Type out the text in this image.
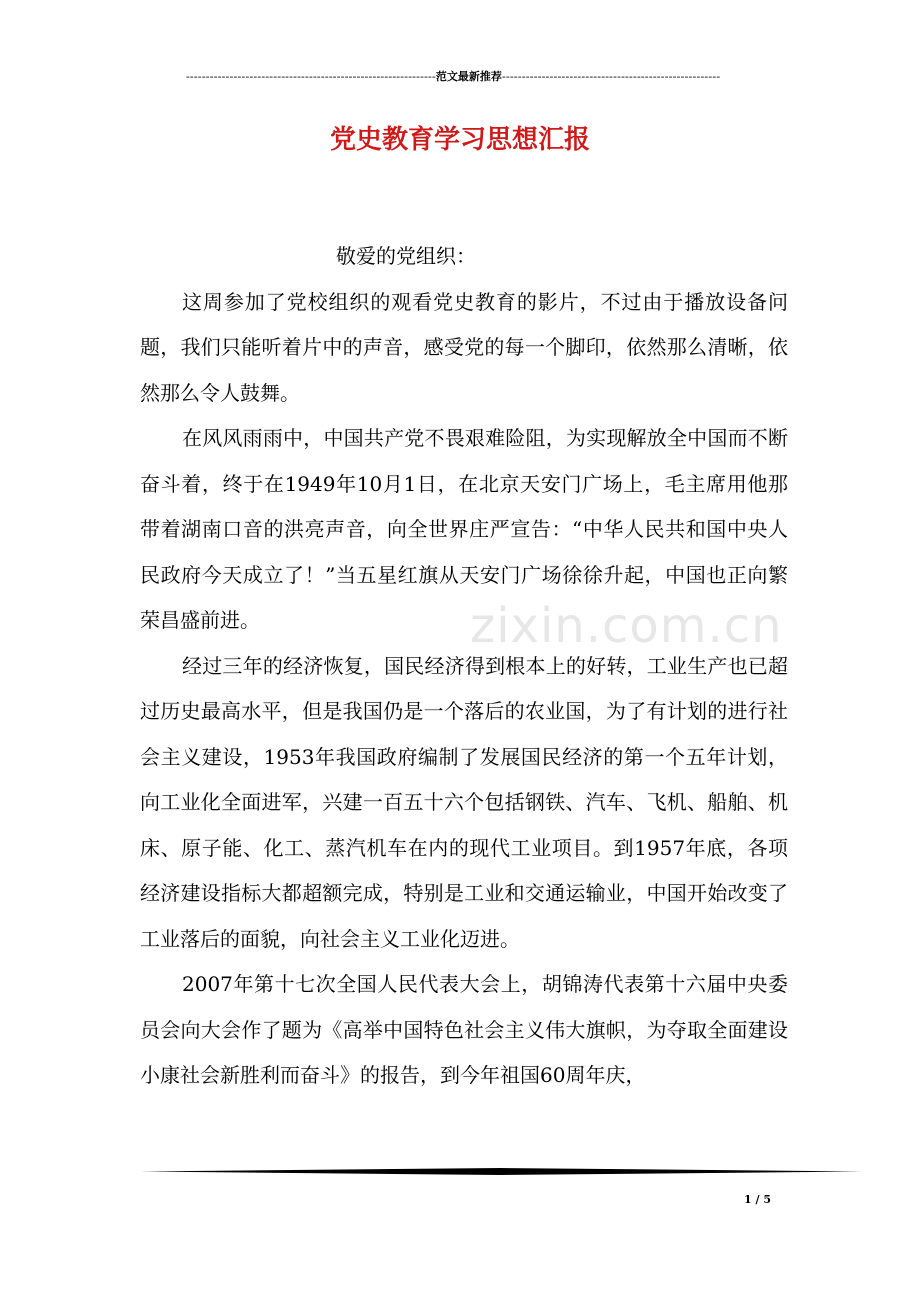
---------------------------------------------------------------范文最新推荐-------------------------------------------------------
党史教育学习思想汇报

敬爱的党组织：

这周参加了党校组织的观看党史教育的影片，不过由于播放设备问题，我们只能听着片中的声音，感受党的每一个脚印，依然那么清晰，依然那么令人鼓舞。

在风风雨雨中，中国共产党不畏艰难险阻，为实现解放全中国而不断奋斗着，终于在1949年10月1日，在北京天安门广场上，毛主席用他那带着湖南口音的洪亮声音，向全世界庄严宣告：“中华人民共和国中央人民政府今天成立了！”当五星红旗从天安门广场徐徐升起，中国也正向繁荣昌盛前进。

经过三年的经济恢复，国民经济得到根本上的好转，工业生产也已超过历史最高水平，但是我国仍是一个落后的农业国，为了有计划的进行社会主义建设，1953年我国政府编制了发展国民经济的第一个五年计划，向工业化全面进军，兴建一百五十六个包括钢铁、汽车、飞机、船舶、机床、原子能、化工、蒸汽机车在内的现代工业项目。到1957年底，各项经济建设指标大都超额完成，特别是工业和交通运输业，中国开始改变了工业落后的面貌，向社会主义工业化迈进。

2007年第十七次全国人民代表大会上，胡锦涛代表第十六届中央委员会向大会作了题为《高举中国特色社会主义伟大旗帜，为夺取全面建设小康社会新胜利而奋斗》的报告，到今年祖国60周年庆，

zixin.com.cn
1 / 5
